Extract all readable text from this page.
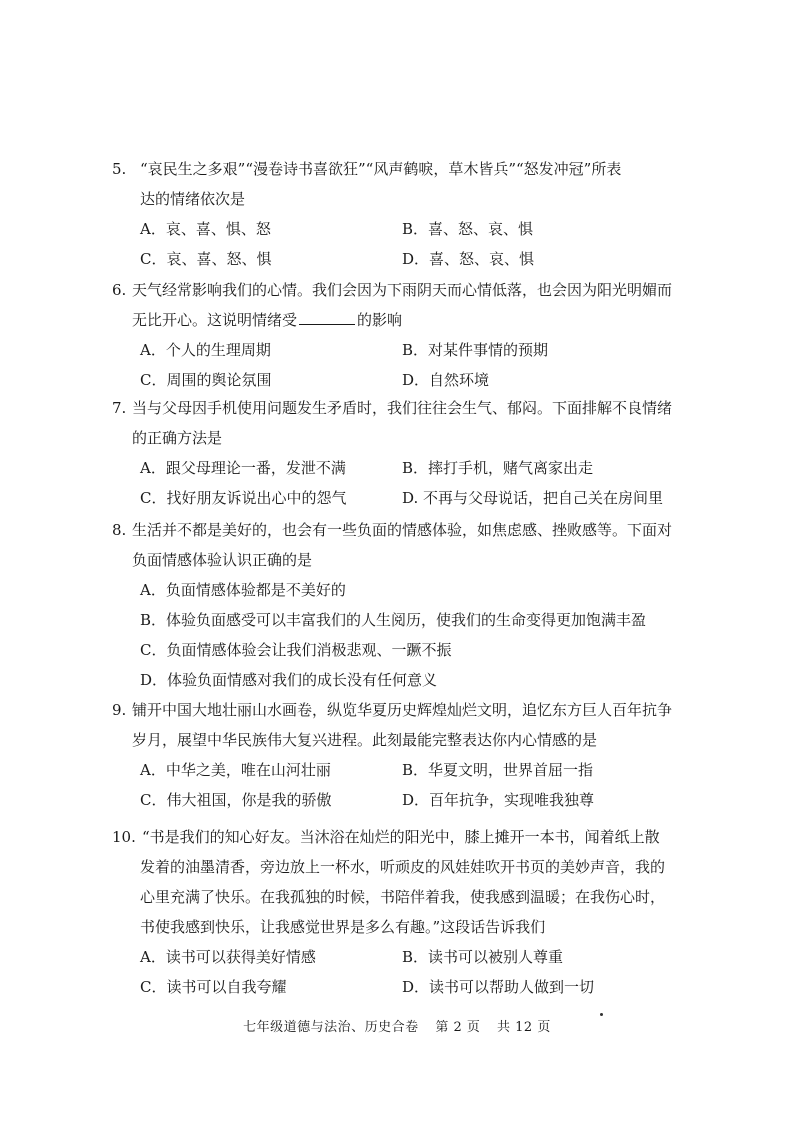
5. “哀民生之多艰”“漫卷诗书喜欲狂”“风声鹤唳，草木皆兵”“怒发冲冠”所表

达的情绪依次是

A．哀、喜、惧、怒	B．喜、怒、哀、惧
C．哀、喜、怒、惧	D．喜、怒、哀、惧

6. 天气经常影响我们的心情。我们会因为下雨阴天而心情低落，也会因为阳光明媚而

无比开心。这说明情绪受	的影响

A．个人的生理周期	B．对某件事情的预期
C．周围的舆论氛围	D．自然环境

7. 当与父母因手机使用问题发生矛盾时，我们往往会生气、郁闷。下面排解不良情绪

的正确方法是

A．跟父母理论一番，发泄不满	B．摔打手机，赌气离家出走
C．找好朋友诉说出心中的怨气	D. 不再与父母说话，把自己关在房间里

8. 生活并不都是美好的，也会有一些负面的情感体验，如焦虑感、挫败感等。下面对

负面情感体验认识正确的是

A．负面情感体验都是不美好的
B．体验负面感受可以丰富我们的人生阅历，使我们的生命变得更加饱满丰盈
C．负面情感体验会让我们消极悲观、一蹶不振
D．体验负面情感对我们的成长没有任何意义

9. 铺开中国大地壮丽山水画卷，纵览华夏历史辉煌灿烂文明，追忆东方巨人百年抗争

岁月，展望中华民族伟大复兴进程。此刻最能完整表达你内心情感的是

A．中华之美，唯在山河壮丽	B．华夏文明，世界首屈一指
C．伟大祖国，你是我的骄傲	D．百年抗争，实现唯我独尊

10. “书是我们的知心好友。当沐浴在灿烂的阳光中，膝上摊开一本书，闻着纸上散

发着的油墨清香，旁边放上一杯水，听顽皮的风娃娃吹开书页的美妙声音，我的

心里充满了快乐。在我孤独的时候，书陪伴着我，使我感到温暖；在我伤心时，

书使我感到快乐，让我感觉世界是多么有趣。”这段话告诉我们

A．读书可以获得美好情感	B．读书可以被别人尊重
C．读书可以自我夸耀	D．读书可以帮助人做到一切
七年级道德与法治、历史合卷 第 2 页 共 12 页
